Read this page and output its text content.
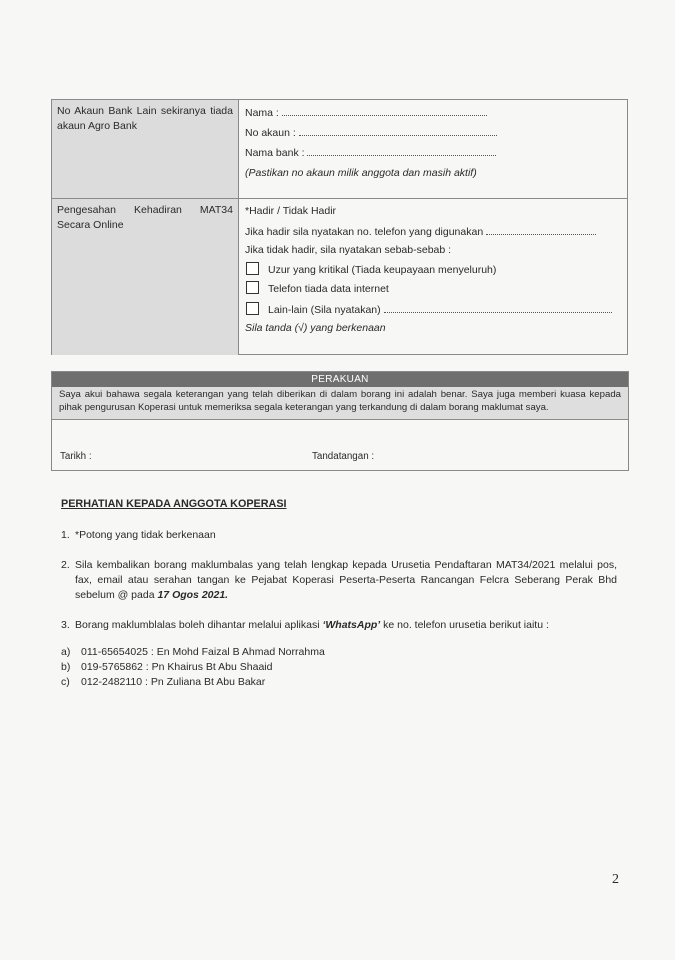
No Akaun Bank Lain sekiranya tiada akaun Agro Bank
Nama :
No akaun :
Nama bank :
(Pastikan no akaun milik anggota dan masih aktif)
Pengesahan Kehadiran MAT34 Secara Online
*Hadir / Tidak Hadir
Jika hadir sila nyatakan no. telefon yang digunakan
Jika tidak hadir, sila nyatakan sebab-sebab :
Uzur yang kritikal (Tiada keupayaan menyeluruh)
Telefon tiada data internet
Lain-lain (Sila nyatakan)
Sila tanda (√) yang berkenaan
PERAKUAN
Saya akui bahawa segala keterangan yang telah diberikan di dalam borang ini adalah benar. Saya juga memberi kuasa kepada pihak pengurusan Koperasi untuk memeriksa segala keterangan yang terkandung di dalam borang maklumat saya.
Tarikh :	Tandatangan :
PERHATIAN KEPADA ANGGOTA KOPERASI
1. *Potong yang tidak berkenaan
2. Sila kembalikan borang maklumbalas yang telah lengkap kepada Urusetia Pendaftaran MAT34/2021 melalui pos, fax, email atau serahan tangan ke Pejabat Koperasi Peserta-Peserta Rancangan Felcra Seberang Perak Bhd sebelum @ pada 17 Ogos 2021.
3. Borang maklumblalas boleh dihantar melalui aplikasi ‘WhatsApp’ ke no. telefon urusetia berikut iaitu :
a) 011-65654025 : En Mohd Faizal B Ahmad Norrahma
b) 019-5765862 : Pn Khairus Bt Abu Shaaid
c) 012-2482110 : Pn Zuliana Bt Abu Bakar
2
